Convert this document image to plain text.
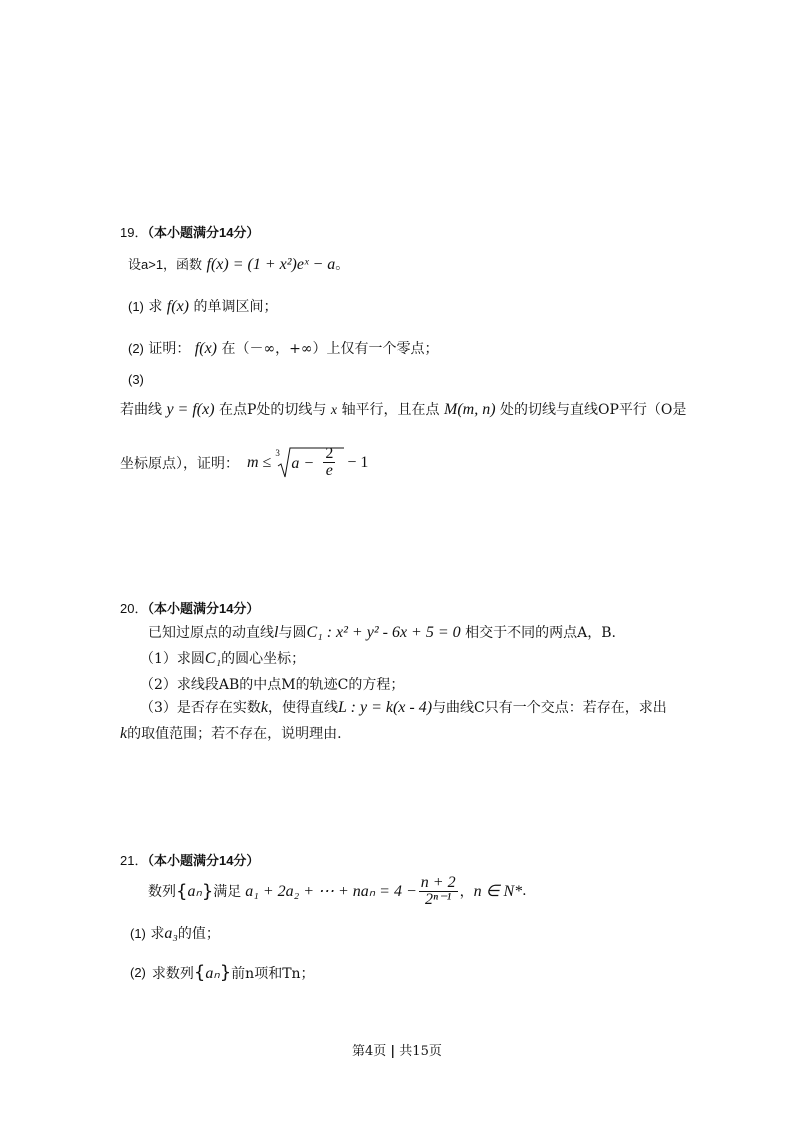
19．（本小题满分14分）
设a>1，函数 f(x) = (1 + x²)eˣ − a。
(1) 求 f(x) 的单调区间；
(2) 证明： f(x) 在（－∞，+∞）上仅有一个零点；
(3)
若曲线 y = f(x) 在点P处的切线与 x 轴平行，且在点 M(m, n) 处的切线与直线OP平行（O是
坐标原点），证明： m ≤
3
$a - \frac{2}{e} - 1$
20．（本小题满分14分）
已知过原点的动直线l与圆C₁ : x² + y² - 6x + 5 = 0 相交于不同的两点A，B.
（1）求圆C₁的圆心坐标；
（2）求线段AB的中点M的轨迹C的方程；
（3）是否存在实数k，使得直线L : y = k(x - 4)与曲线C只有一个交点：若存在，求出
k的取值范围；若不存在，说明理由.
21．（本小题满分14分）
数列 { aₙ } 满足 a₁ + 2a₂ + ⋯ + $na_n = 4 - \frac{n + 2}{\text{2ⁿ⁻¹}}$ ， n ∈ N* .
(1) 求a₃的值；
(2) 求数列 { aₙ } 前n项和Tn；
第4页 | 共15页
